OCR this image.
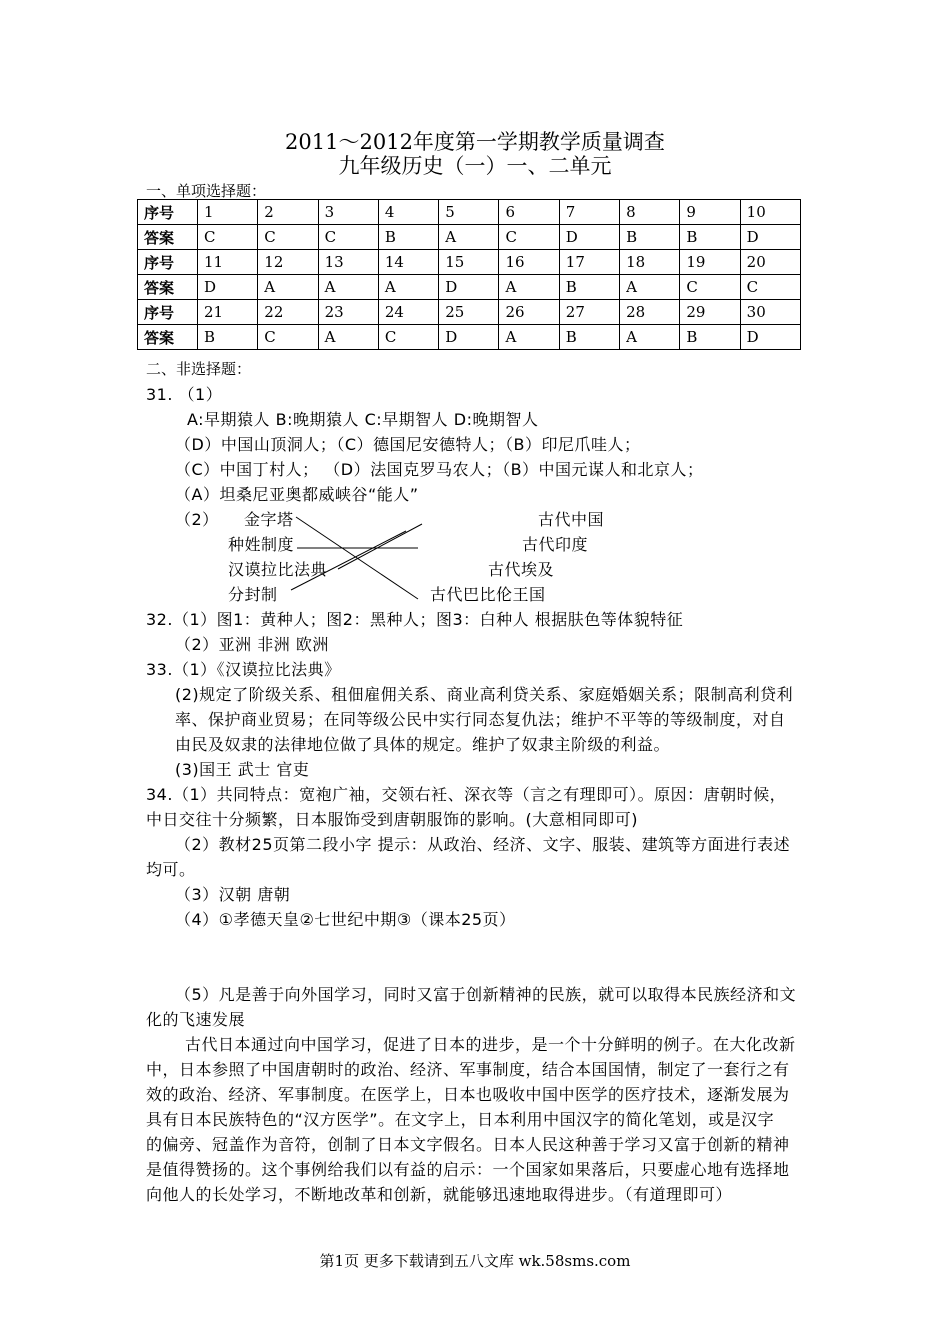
2011～2012年度第一学期教学质量调查
九年级历史（一）一、二单元
一、单项选择题：
序号	1	2	3	4	5	6	7	8	9	10
答案	C	C	C	B	A	C	D	B	B	D
序号	11	12	13	14	15	16	17	18	19	20
答案	D	A	A	A	D	A	B	A	C	C
序号	21	22	23	24	25	26	27	28	29	30
答案	B	C	A	C	D	A	B	A	B	D
二、非选择题：
31. （1）
A:早期猿人 B:晚期猿人 C:早期智人 D:晚期智人
（D）中国山顶洞人；（C）德国尼安德特人；（B）印尼爪哇人；
（C）中国丁村人； （D）法国克罗马农人；（B）中国元谋人和北京人；
（A）坦桑尼亚奥都威峡谷“能人”
（2） 金字塔
种姓制度
汉谟拉比法典
分封制
古代中国
古代印度
古代埃及
古代巴比伦王国
32.（1）图1：黄种人；图2：黑种人；图3：白种人 根据肤色等体貌特征
（2）亚洲 非洲 欧洲
33.（1）《汉谟拉比法典》
(2)规定了阶级关系、租佃雇佣关系、商业高利贷关系、家庭婚姻关系；限制高利贷利
率、保护商业贸易；在同等级公民中实行同态复仇法；维护不平等的等级制度，对自
由民及奴隶的法律地位做了具体的规定。维护了奴隶主阶级的利益。
(3)国王 武士 官吏
34.（1）共同特点：宽袍广袖，交领右衽、深衣等（言之有理即可）。原因：唐朝时候，
中日交往十分频繁，日本服饰受到唐朝服饰的影响。(大意相同即可)
（2）教材25页第二段小字 提示：从政治、经济、文字、服装、建筑等方面进行表述
均可。
（3）汉朝 唐朝
（4）①孝德天皇②七世纪中期③（课本25页）
（5）凡是善于向外国学习，同时又富于创新精神的民族，就可以取得本民族经济和文
化的飞速发展
古代日本通过向中国学习，促进了日本的进步，是一个十分鲜明的例子。在大化改新
中，日本参照了中国唐朝时的政治、经济、军事制度，结合本国国情，制定了一套行之有
效的政治、经济、军事制度。在医学上，日本也吸收中国中医学的医疗技术，逐渐发展为
具有日本民族特色的“汉方医学”。在文字上，日本利用中国汉字的简化笔划，或是汉字
的偏旁、冠盖作为音符，创制了日本文字假名。日本人民这种善于学习又富于创新的精神
是值得赞扬的。这个事例给我们以有益的启示：一个国家如果落后，只要虚心地有选择地
向他人的长处学习，不断地改革和创新，就能够迅速地取得进步。（有道理即可）
第1页 更多下载请到五八文库 wk.58sms.com
